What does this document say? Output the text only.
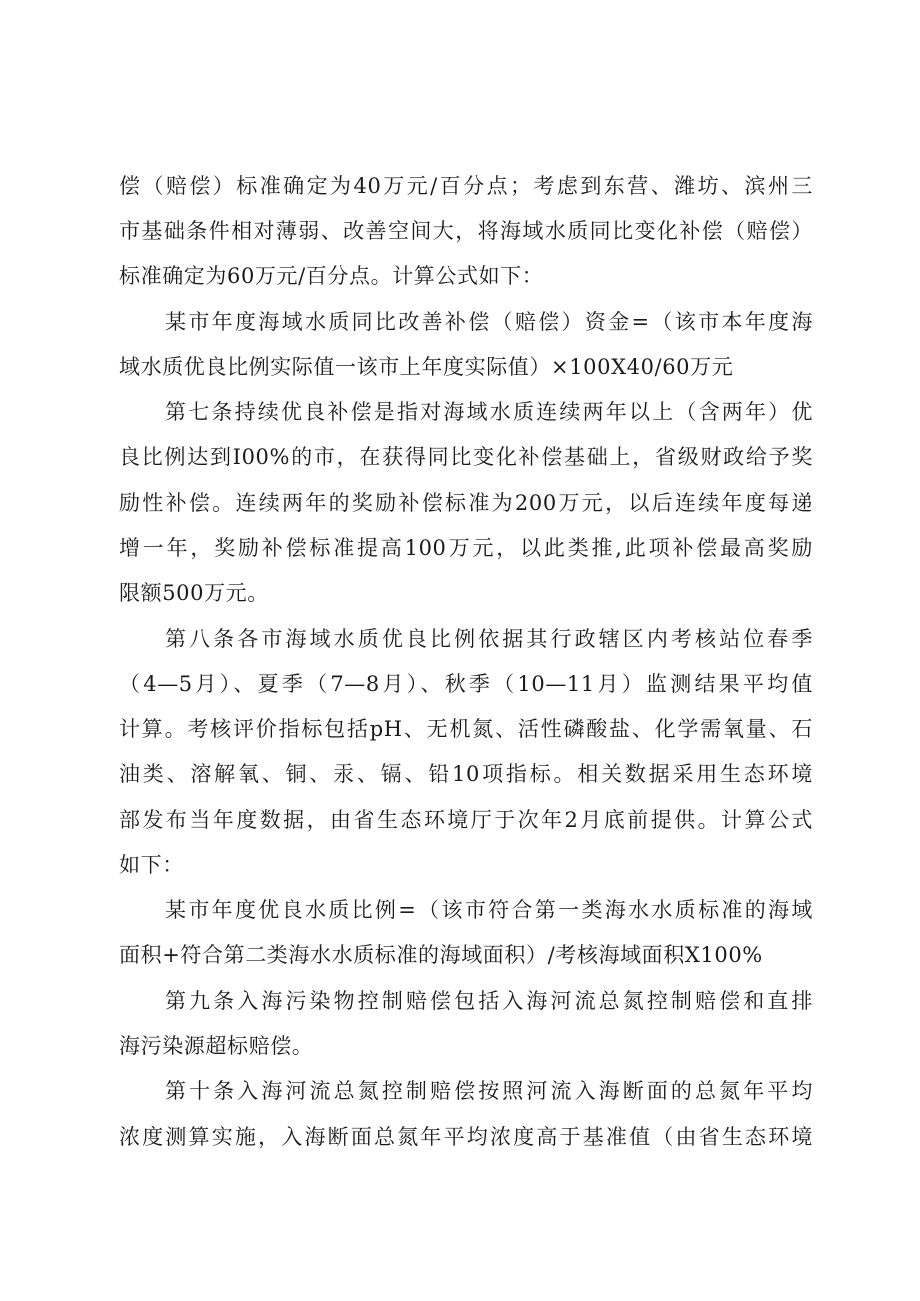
偿（赔偿）标准确定为40万元/百分点；考虑到东营、潍坊、滨州三
市基础条件相对薄弱、改善空间大，将海域水质同比变化补偿（赔偿）
标准确定为60万元/百分点。计算公式如下：
某市年度海域水质同比改善补偿（赔偿）资金=（该市本年度海
域水质优良比例实际值一该市上年度实际值）×100X40/60万元
第七条持续优良补偿是指对海域水质连续两年以上（含两年）优
良比例达到I00%的市，在获得同比变化补偿基础上，省级财政给予奖
励性补偿。连续两年的奖励补偿标准为200万元，以后连续年度每递
增一年，奖励补偿标准提高100万元，以此类推,此项补偿最高奖励
限额500万元。
第八条各市海域水质优良比例依据其行政辖区内考核站位春季
（4—5月）、夏季（7—8月）、秋季（10—11月）监测结果平均值
计算。考核评价指标包括pH、无机氮、活性磷酸盐、化学需氧量、石
油类、溶解氧、铜、汞、镉、铅10项指标。相关数据采用生态环境
部发布当年度数据，由省生态环境厅于次年2月底前提供。计算公式
如下：
某市年度优良水质比例=（该市符合第一类海水水质标准的海域
面积+符合第二类海水水质标准的海域面积）/考核海域面积X100%
第九条入海污染物控制赔偿包括入海河流总氮控制赔偿和直排
海污染源超标赔偿。
第十条入海河流总氮控制赔偿按照河流入海断面的总氮年平均
浓度测算实施，入海断面总氮年平均浓度高于基准值（由省生态环境
